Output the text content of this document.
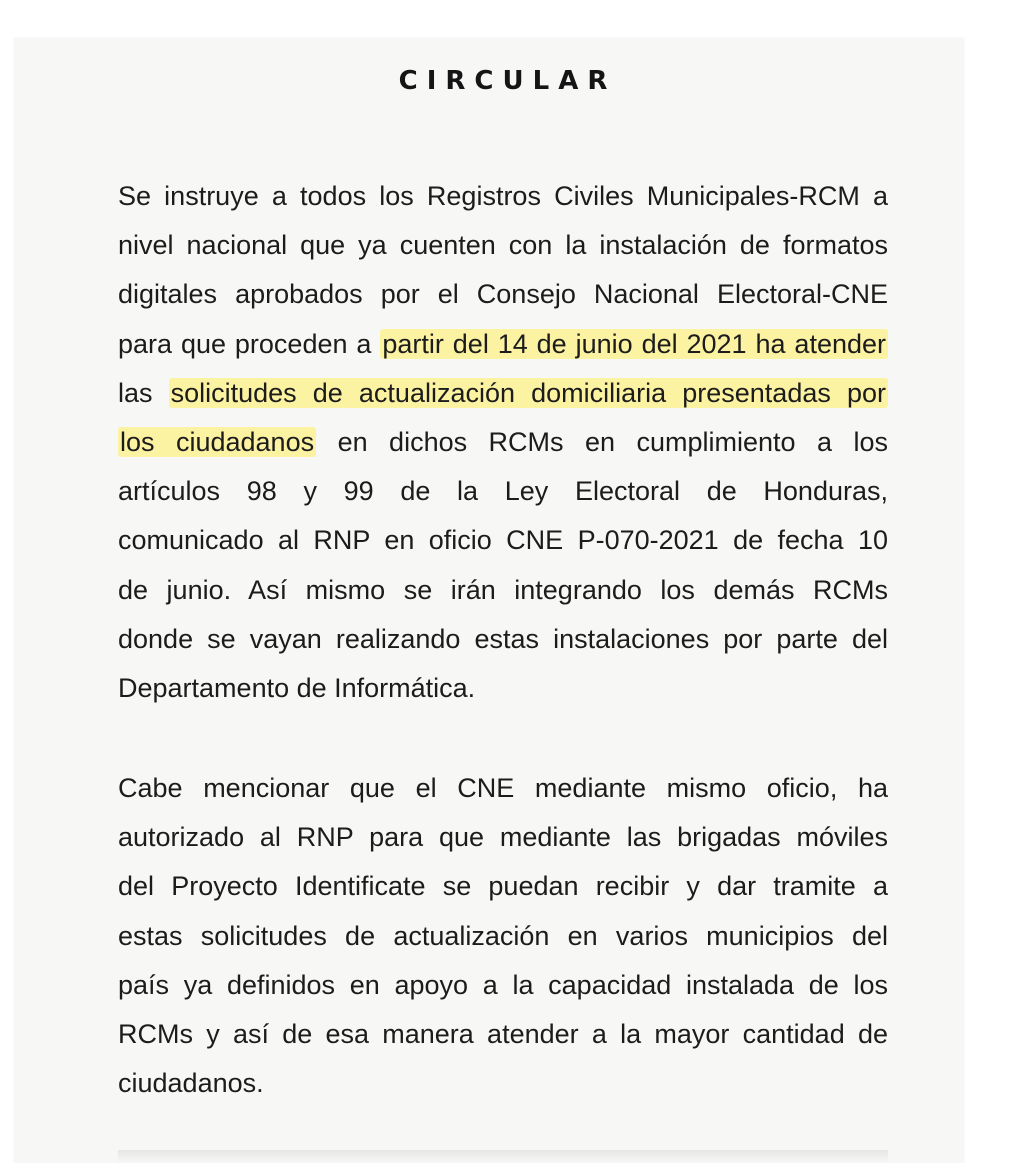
CIRCULAR
Se instruye a todos los Registros Civiles Municipales-RCM a
nivel nacional que ya cuenten con la instalación de formatos
digitales aprobados por el Consejo Nacional Electoral-CNE
para que proceden a partir del 14 de junio del 2021 ha atender
las solicitudes de actualización domiciliaria presentadas por
los ciudadanos en dichos RCMs en cumplimiento a los
artículos 98 y 99 de la Ley Electoral de Honduras,
comunicado al RNP en oficio CNE P-070-2021 de fecha 10
de junio. Así mismo se irán integrando los demás RCMs
donde se vayan realizando estas instalaciones por parte del
Departamento de Informática.
Cabe mencionar que el CNE mediante mismo oficio, ha
autorizado al RNP para que mediante las brigadas móviles
del Proyecto Identificate se puedan recibir y dar tramite a
estas solicitudes de actualización en varios municipios del
país ya definidos en apoyo a la capacidad instalada de los
RCMs y así de esa manera atender a la mayor cantidad de
ciudadanos.
